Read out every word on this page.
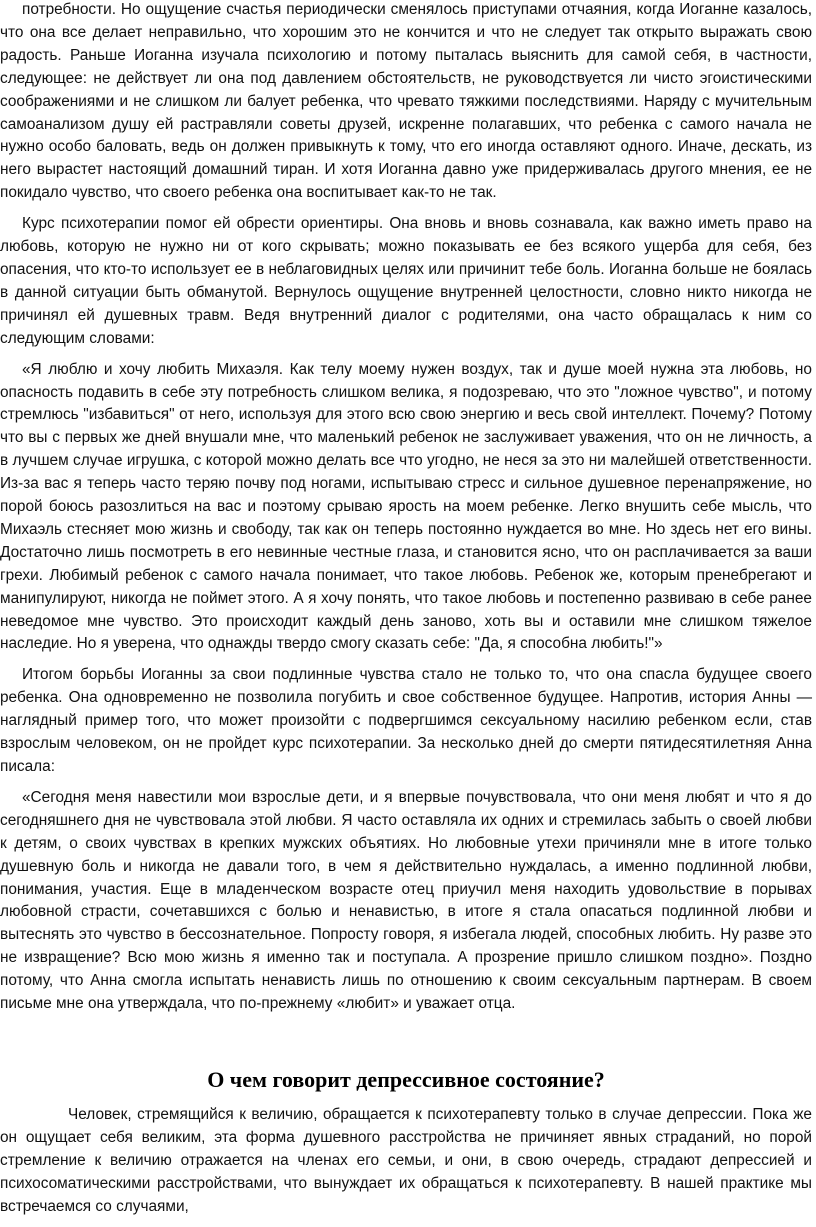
потребности. Но ощущение счастья периодически сменялось приступами отчаяния, когда Иоганне казалось, что она все делает неправильно, что хорошим это не кончится и что не следует так открыто выражать свою радость. Раньше Иоганна изучала психологию и потому пыталась выяснить для самой себя, в частности, следующее: не действует ли она под давлением обстоятельств, не руководствуется ли чисто эгоистическими соображениями и не слишком ли балует ребенка, что чревато тяжкими последствиями. Наряду с мучительным самоанализом душу ей растравляли советы друзей, искренне полагавших, что ребенка с самого начала не нужно особо баловать, ведь он должен привыкнуть к тому, что его иногда оставляют одного. Иначе, дескать, из него вырастет настоящий домашний тиран. И хотя Иоганна давно уже придерживалась другого мнения, ее не покидало чувство, что своего ребенка она воспитывает как-то не так.

Курс психотерапии помог ей обрести ориентиры. Она вновь и вновь сознавала, как важно иметь право на любовь, которую не нужно ни от кого скрывать; можно показывать ее без всякого ущерба для себя, без опасения, что кто-то использует ее в неблаговидных целях или причинит тебе боль. Иоганна больше не боялась в данной ситуации быть обманутой. Вернулось ощущение внутренней целостности, словно никто никогда не причинял ей душевных травм. Ведя внутренний диалог с родителями, она часто обращалась к ним со следующим словами:

«Я люблю и хочу любить Михаэля. Как телу моему нужен воздух, так и душе моей нужна эта любовь, но опасность подавить в себе эту потребность слишком велика, я подозреваю, что это "ложное чувство", и потому стремлюсь "избавиться" от него, используя для этого всю свою энергию и весь свой интеллект. Почему? Потому что вы с первых же дней внушали мне, что маленький ребенок не заслуживает уважения, что он не личность, а в лучшем случае игрушка, с которой можно делать все что угодно, не неся за это ни малейшей ответственности. Из-за вас я теперь часто теряю почву под ногами, испытываю стресс и сильное душевное перенапряжение, но порой боюсь разозлиться на вас и поэтому срываю ярость на моем ребенке. Легко внушить себе мысль, что Михаэль стесняет мою жизнь и свободу, так как он теперь постоянно нуждается во мне. Но здесь нет его вины. Достаточно лишь посмотреть в его невинные честные глаза, и становится ясно, что он расплачивается за ваши грехи. Любимый ребенок с самого начала понимает, что такое любовь. Ребенок же, которым пренебрегают и манипулируют, никогда не поймет этого. А я хочу понять, что такое любовь и постепенно развиваю в себе ранее неведомое мне чувство. Это происходит каждый день заново, хоть вы и оставили мне слишком тяжелое наследие. Но я уверена, что однажды твердо смогу сказать себе: "Да, я способна любить!"»

Итогом борьбы Иоганны за свои подлинные чувства стало не только то, что она спасла будущее своего ребенка. Она одновременно не позволила погубить и свое собственное будущее. Напротив, история Анны — наглядный пример того, что может произойти с подвергшимся сексуальному насилию ребенком если, став взрослым человеком, он не пройдет курс психотерапии. За несколько дней до смерти пятидесятилетняя Анна писала:

«Сегодня меня навестили мои взрослые дети, и я впервые почувствовала, что они меня любят и что я до сегодняшнего дня не чувствовала этой любви. Я часто оставляла их одних и стремилась забыть о своей любви к детям, о своих чувствах в крепких мужских объятиях. Но любовные утехи причиняли мне в итоге только душевную боль и никогда не давали того, в чем я действительно нуждалась, а именно подлинной любви, понимания, участия. Еще в младенческом возрасте отец приучил меня находить удовольствие в порывах любовной страсти, сочетавшихся с болью и ненавистью, в итоге я стала опасаться подлинной любви и вытеснять это чувство в бессознательное. Попросту говоря, я избегала людей, способных любить. Ну разве это не извращение? Всю мою жизнь я именно так и поступала. А прозрение пришло слишком поздно». Поздно потому, что Анна смогла испытать ненависть лишь по отношению к своим сексуальным партнерам. В своем письме мне она утверждала, что по-прежнему «любит» и уважает отца.

О чем говорит депрессивное состояние?

Человек, стремящийся к величию, обращается к психотерапевту только в случае депрессии. Пока же он ощущает себя великим, эта форма душевного расстройства не причиняет явных страданий, но порой стремление к величию отражается на членах его семьи, и они, в свою очередь, страдают депрессией и психосоматическими расстройствами, что вынуждает их обращаться к психотерапевту. В нашей практике мы встречаемся со случаями,
